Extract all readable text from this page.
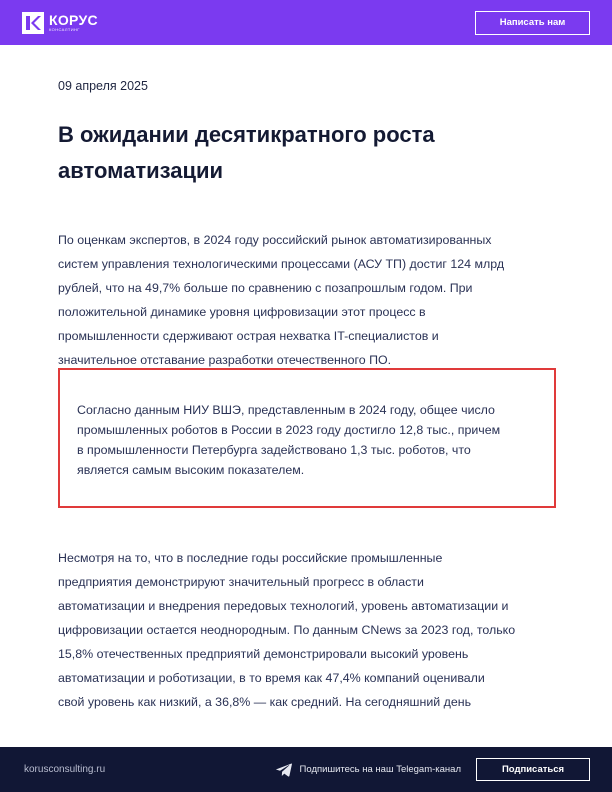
КОРУС
КОНСАЛТИНГ
Написать нам
09 апреля 2025
В ожидании десятикратного роста
автоматизации
По оценкам экспертов, в 2024 году российский рынок автоматизированных
систем управления технологическими процессами (АСУ ТП) достиг 124 млрд
рублей, что на 49,7% больше по сравнению с позапрошлым годом. При
положительной динамике уровня цифровизации этот процесс в
промышленности сдерживают острая нехватка IT-специалистов и
значительное отставание разработки отечественного ПО.
Согласно данным НИУ ВШЭ, представленным в 2024 году, общее число
промышленных роботов в России в 2023 году достигло 12,8 тыс., причем
в промышленности Петербурга задействовано 1,3 тыс. роботов, что
является самым высоким показателем.
Несмотря на то, что в последние годы российские промышленные
предприятия демонстрируют значительный прогресс в области
автоматизации и внедрения передовых технологий, уровень автоматизации и
цифровизации остается неоднородным. По данным CNews за 2023 год, только
15,8% отечественных предприятий демонстрировали высокий уровень
автоматизации и роботизации, в то время как 47,4% компаний оценивали
свой уровень как низкий, а 36,8% — как средний. На сегодняшний день
korusconsulting.ru	Подпишитесь на наш Telegam-канал	Подписаться
